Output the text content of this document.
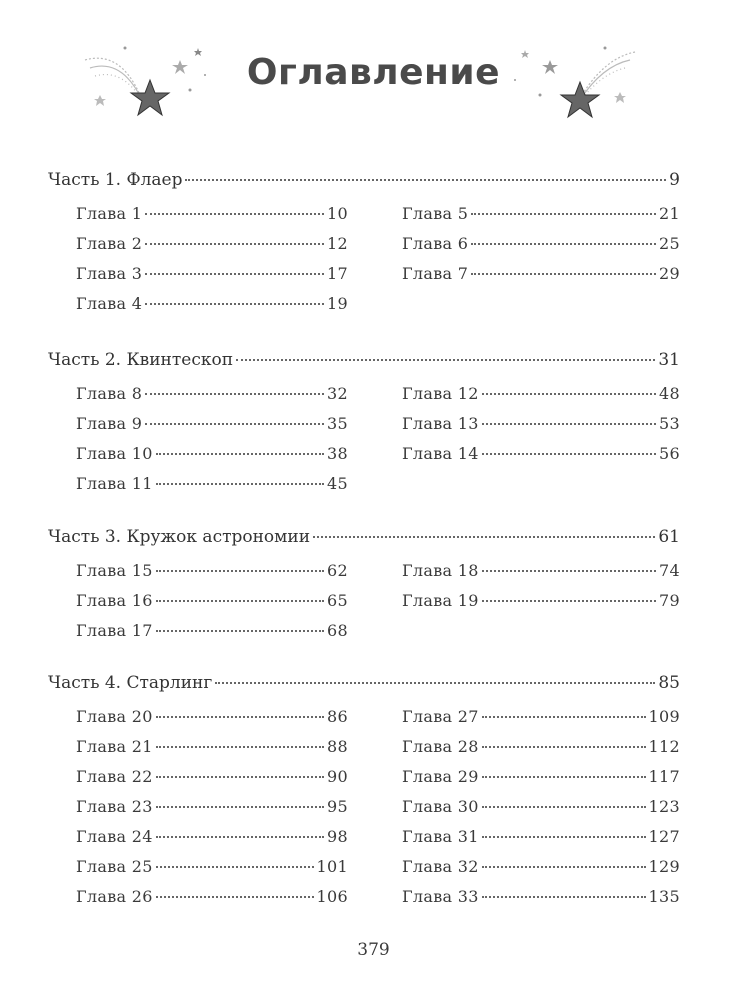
Оглавление
Часть 1. Флаер	9
Глава 1	10
Глава 2	12
Глава 3	17
Глава 4	19
Глава 5	21
Глава 6	25
Глава 7	29
Часть 2. Квинтескоп	31
Глава 8	32
Глава 9	35
Глава 10	38
Глава 11	45
Глава 12	48
Глава 13	53
Глава 14	56
Часть 3. Кружок астрономии	61
Глава 15	62
Глава 16	65
Глава 17	68
Глава 18	74
Глава 19	79
Часть 4. Старлинг	85
Глава 20	86
Глава 21	88
Глава 22	90
Глава 23	95
Глава 24	98
Глава 25	101
Глава 26	106
Глава 27	109
Глава 28	112
Глава 29	117
Глава 30	123
Глава 31	127
Глава 32	129
Глава 33	135
379
